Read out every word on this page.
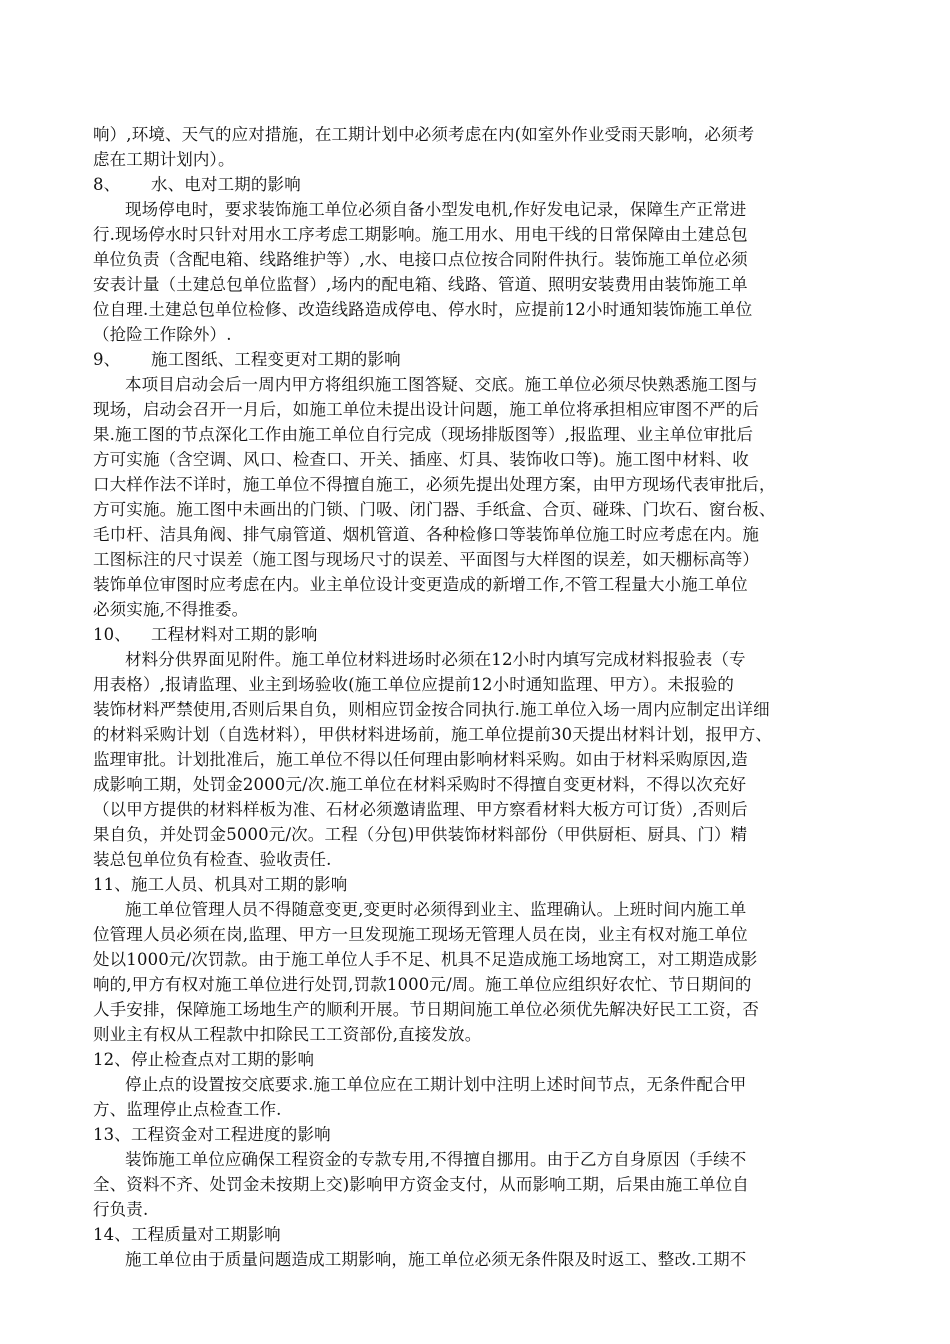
响）,环境、天气的应对措施，在工期计划中必须考虑在内(如室外作业受雨天影响，必须考
虑在工期计划内）。
8、 水、电对工期的影响
现场停电时，要求装饰施工单位必须自备小型发电机,作好发电记录，保障生产正常进
行.现场停水时只针对用水工序考虑工期影响。施工用水、用电干线的日常保障由土建总包
单位负责（含配电箱、线路维护等）,水、电接口点位按合同附件执行。装饰施工单位必须
安表计量（土建总包单位监督）,场内的配电箱、线路、管道、照明安装费用由装饰施工单
位自理.土建总包单位检修、改造线路造成停电、停水时，应提前12小时通知装饰施工单位
（抢险工作除外）.
9、 施工图纸、工程变更对工期的影响
本项目启动会后一周内甲方将组织施工图答疑、交底。施工单位必须尽快熟悉施工图与
现场，启动会召开一月后，如施工单位未提出设计问题，施工单位将承担相应审图不严的后
果.施工图的节点深化工作由施工单位自行完成（现场排版图等）,报监理、业主单位审批后
方可实施（含空调、风口、检查口、开关、插座、灯具、装饰收口等)。施工图中材料、收
口大样作法不详时，施工单位不得擅自施工，必须先提出处理方案，由甲方现场代表审批后，
方可实施。施工图中未画出的门锁、门吸、闭门器、手纸盒、合页、碰珠、门坎石、窗台板、
毛巾杆、洁具角阀、排气扇管道、烟机管道、各种检修口等装饰单位施工时应考虑在内。施
工图标注的尺寸误差（施工图与现场尺寸的误差、平面图与大样图的误差，如天棚标高等）
装饰单位审图时应考虑在内。业主单位设计变更造成的新增工作,不管工程量大小施工单位
必须实施,不得推委。
10、 工程材料对工期的影响
材料分供界面见附件。施工单位材料进场时必须在12小时内填写完成材料报验表（专
用表格）,报请监理、业主到场验收(施工单位应提前12小时通知监理、甲方）。未报验的
装饰材料严禁使用,否则后果自负，则相应罚金按合同执行.施工单位入场一周内应制定出详细
的材料采购计划（自选材料），甲供材料进场前，施工单位提前30天提出材料计划，报甲方、
监理审批。计划批准后，施工单位不得以任何理由影响材料采购。如由于材料采购原因,造
成影响工期，处罚金2000元/次.施工单位在材料采购时不得擅自变更材料，不得以次充好
（以甲方提供的材料样板为准、石材必须邀请监理、甲方察看材料大板方可订货）,否则后
果自负，并处罚金5000元/次。工程（分包)甲供装饰材料部份（甲供厨柜、厨具、门）精
装总包单位负有检查、验收责任.
11、施工人员、机具对工期的影响
施工单位管理人员不得随意变更,变更时必须得到业主、监理确认。上班时间内施工单
位管理人员必须在岗,监理、甲方一旦发现施工现场无管理人员在岗，业主有权对施工单位
处以1000元/次罚款。由于施工单位人手不足、机具不足造成施工场地窝工，对工期造成影
响的,甲方有权对施工单位进行处罚,罚款1000元/周。施工单位应组织好农忙、节日期间的
人手安排，保障施工场地生产的顺利开展。节日期间施工单位必须优先解决好民工工资，否
则业主有权从工程款中扣除民工工资部份,直接发放。
12、停止检查点对工期的影响
停止点的设置按交底要求.施工单位应在工期计划中注明上述时间节点，无条件配合甲
方、监理停止点检查工作.
13、工程资金对工程进度的影响
装饰施工单位应确保工程资金的专款专用,不得擅自挪用。由于乙方自身原因（手续不
全、资料不齐、处罚金未按期上交)影响甲方资金支付，从而影响工期，后果由施工单位自
行负责.
14、工程质量对工期影响
施工单位由于质量问题造成工期影响，施工单位必须无条件限及时返工、整改.工期不
